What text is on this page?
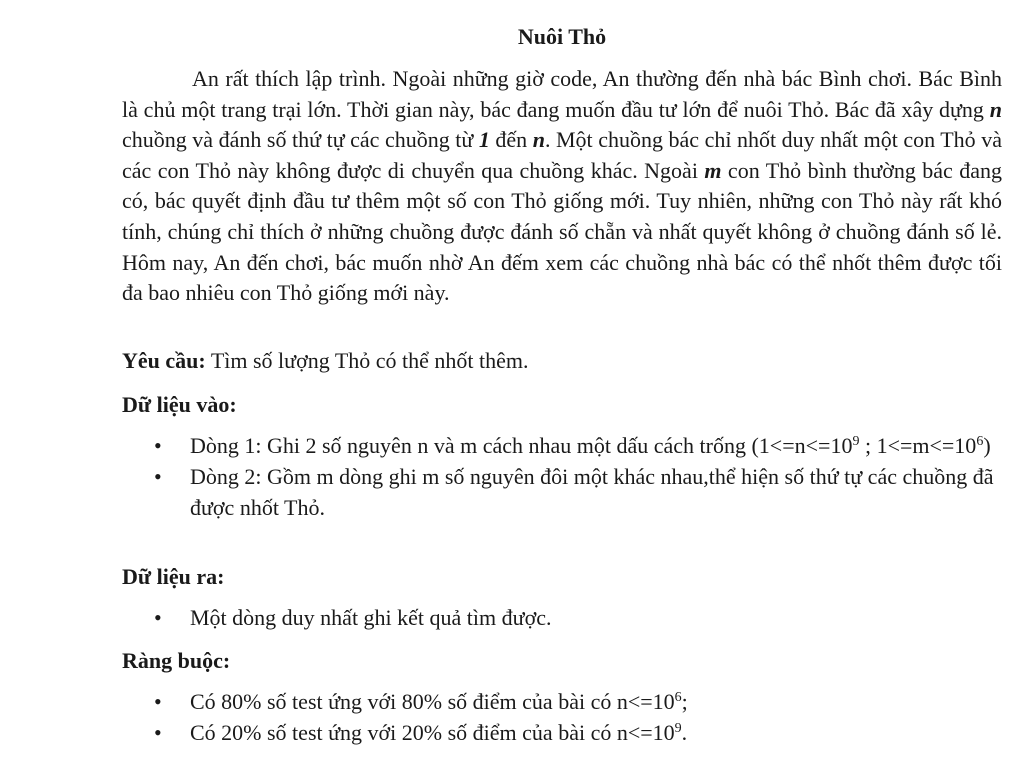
Nuôi Thỏ

An rất thích lập trình. Ngoài những giờ code, An thường đến nhà bác Bình chơi. Bác Bình là chủ một trang trại lớn. Thời gian này, bác đang muốn đầu tư lớn để nuôi Thỏ. Bác đã xây dựng n chuồng và đánh số thứ tự các chuồng từ 1 đến n. Một chuồng bác chỉ nhốt duy nhất một con Thỏ và các con Thỏ này không được di chuyển qua chuồng khác. Ngoài m con Thỏ bình thường bác đang có, bác quyết định đầu tư thêm một số con Thỏ giống mới. Tuy nhiên, những con Thỏ này rất khó tính, chúng chỉ thích ở những chuồng được đánh số chẵn và nhất quyết không ở chuồng đánh số lẻ. Hôm nay, An đến chơi, bác muốn nhờ An đếm xem các chuồng nhà bác có thể nhốt thêm được tối đa bao nhiêu con Thỏ giống mới này.

Yêu cầu: Tìm số lượng Thỏ có thể nhốt thêm.

Dữ liệu vào:

• Dòng 1: Ghi 2 số nguyên n và m cách nhau một dấu cách trống ($1<=n<=10^9$ ; $1<=m<=10^6$)
• Dòng 2: Gồm m dòng ghi m số nguyên đôi một khác nhau,thể hiện số thứ tự các chuồng đã được nhốt Thỏ.

Dữ liệu ra:

• Một dòng duy nhất ghi kết quả tìm được.

Ràng buộc:

• Có 80% số test ứng với 80% số điểm của bài có $n<=10^6$;
• Có 20% số test ứng với 20% số điểm của bài có $n<=10^9$.
